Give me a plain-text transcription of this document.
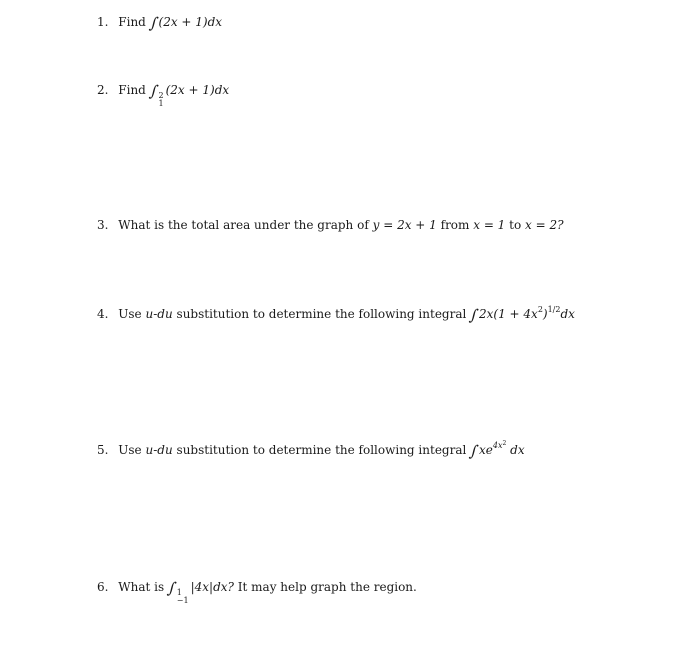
1. Find ∫(2x + 1)dx
2. Find ∫ 2
1
(2x + 1)dx
3. What is the total area under the graph of y = 2x + 1 from x = 1 to x = 2?
4. Use u-du substitution to determine the following integral $\int 2x(1 + 4x^2)^{1/2}dx$
5. Use u-du substitution to determine the following integral $\int xe^{4x^2}$ dx
6. What is ∫ 1
−1
|4x|dx? It may help graph the region.
